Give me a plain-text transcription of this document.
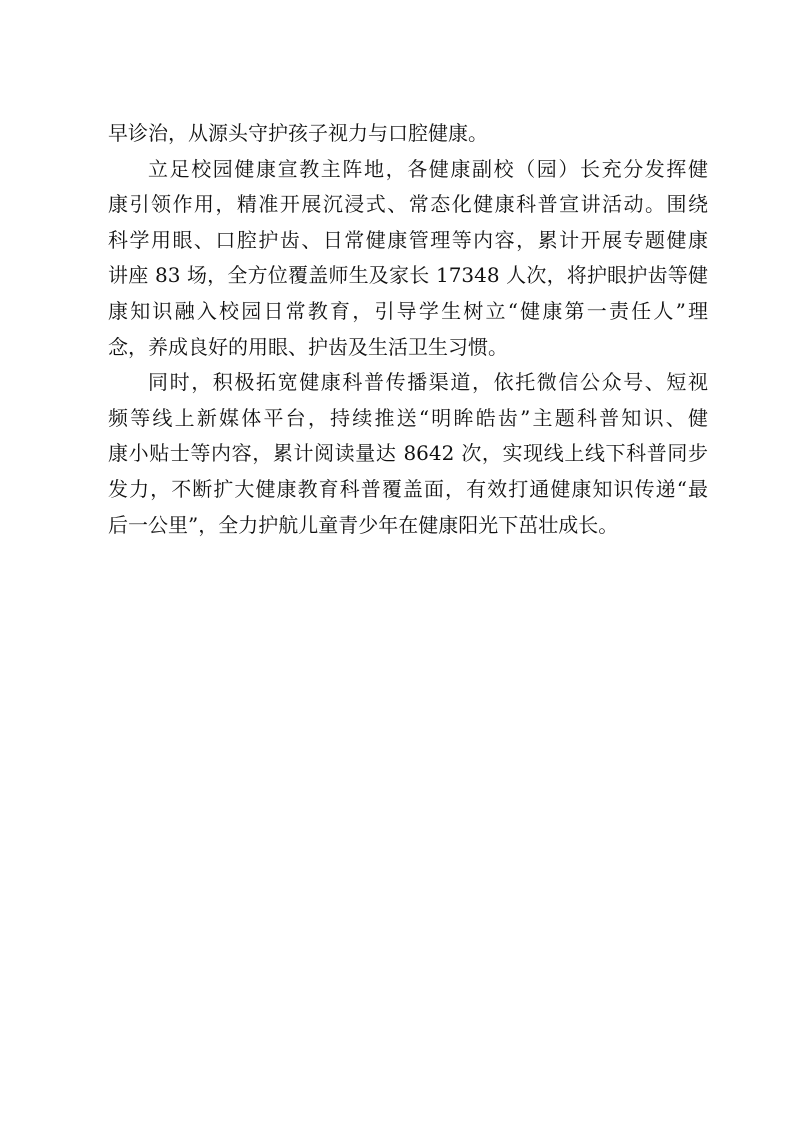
早诊治，从源头守护孩子视力与口腔健康。
立足校园健康宣教主阵地，各健康副校（园）长充分发挥健
康引领作用，精准开展沉浸式、常态化健康科普宣讲活动。围绕
科学用眼、口腔护齿、日常健康管理等内容，累计开展专题健康
讲座 83 场，全方位覆盖师生及家长 17348 人次，将护眼护齿等健
康知识融入校园日常教育，引导学生树立“健康第一责任人”理
念，养成良好的用眼、护齿及生活卫生习惯。
同时，积极拓宽健康科普传播渠道，依托微信公众号、短视
频等线上新媒体平台，持续推送“明眸皓齿”主题科普知识、健
康小贴士等内容，累计阅读量达 8642 次，实现线上线下科普同步
发力，不断扩大健康教育科普覆盖面，有效打通健康知识传递“最
后一公里”，全力护航儿童青少年在健康阳光下茁壮成长。
